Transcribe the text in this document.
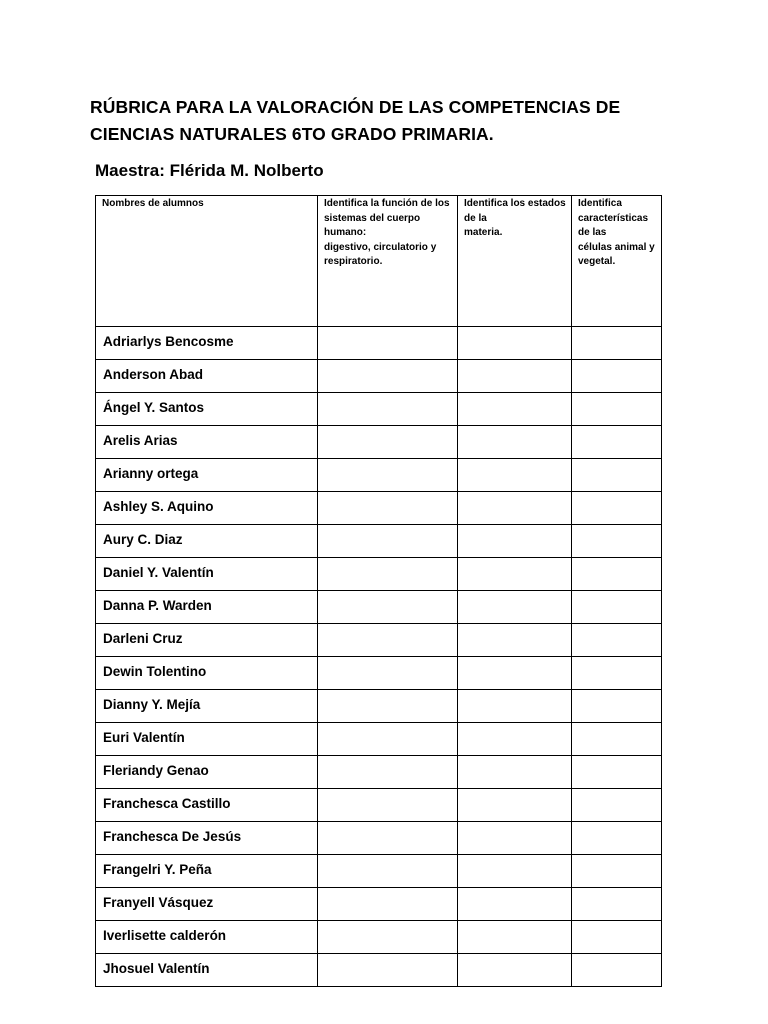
RÚBRICA PARA LA VALORACIÓN DE LAS COMPETENCIAS DE CIENCIAS NATURALES 6TO GRADO PRIMARIA.
Maestra: Flérida M. Nolberto
Nombres de alumnos	Identifica la función de los
sistemas del cuerpo
humano:
digestivo, circulatorio y
respiratorio.	Identifica los estados
de la
materia.	Identifica
características
de las
células animal y
vegetal.
Adriarlys Bencosme			
Anderson Abad			
Ángel Y. Santos			
Arelis Arias			
Arianny ortega			
Ashley S. Aquino			
Aury C. Diaz			
Daniel Y. Valentín			
Danna P. Warden			
Darleni Cruz			
Dewin Tolentino			
Dianny Y. Mejía			
Euri Valentín			
Fleriandy Genao			
Franchesca Castillo			
Franchesca De Jesús			
Frangelri Y. Peña			
Franyell Vásquez			
Iverlisette calderón			
Jhosuel Valentín			
